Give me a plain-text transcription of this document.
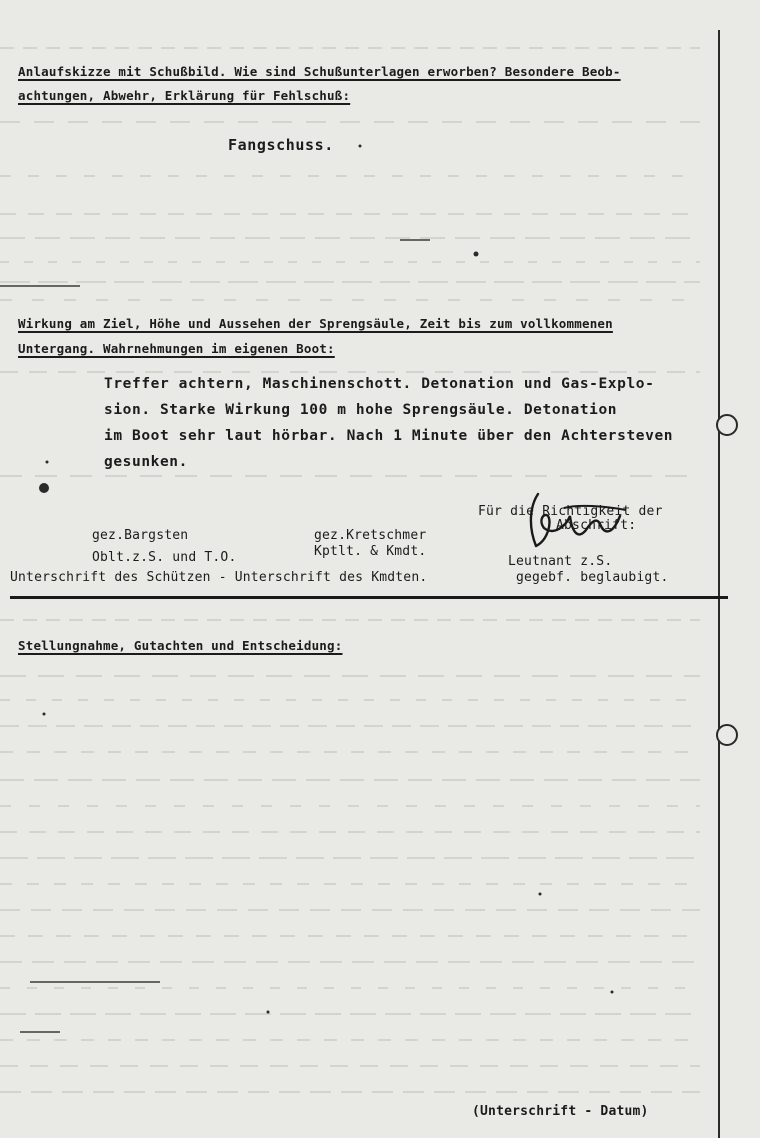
Anlaufskizze mit Schußbild. Wie sind Schußunterlagen erworben? Besondere Beob-
achtungen, Abwehr, Erklärung für Fehlschuß:
Fangschuss.
Wirkung am Ziel, Höhe und Aussehen der Sprengsäule, Zeit bis zum vollkommenen
Untergang. Wahrnehmungen im eigenen Boot:
Treffer achtern, Maschinenschott. Detonation und Gas-Explo-
sion. Starke Wirkung 100 m hohe Sprengsäule. Detonation
im Boot sehr laut hörbar. Nach 1 Minute über den Achtersteven
gesunken.
gez.Bargsten
Oblt.z.S. und T.O.
gez.Kretschmer
Kptlt. & Kmdt.
Für die Richtigkeit der
Abschrift:
Leutnant z.S.
Unterschrift des Schützen - Unterschrift des Kmdten.	gegebf. beglaubigt.
Stellungnahme, Gutachten und Entscheidung:
(Unterschrift - Datum)
